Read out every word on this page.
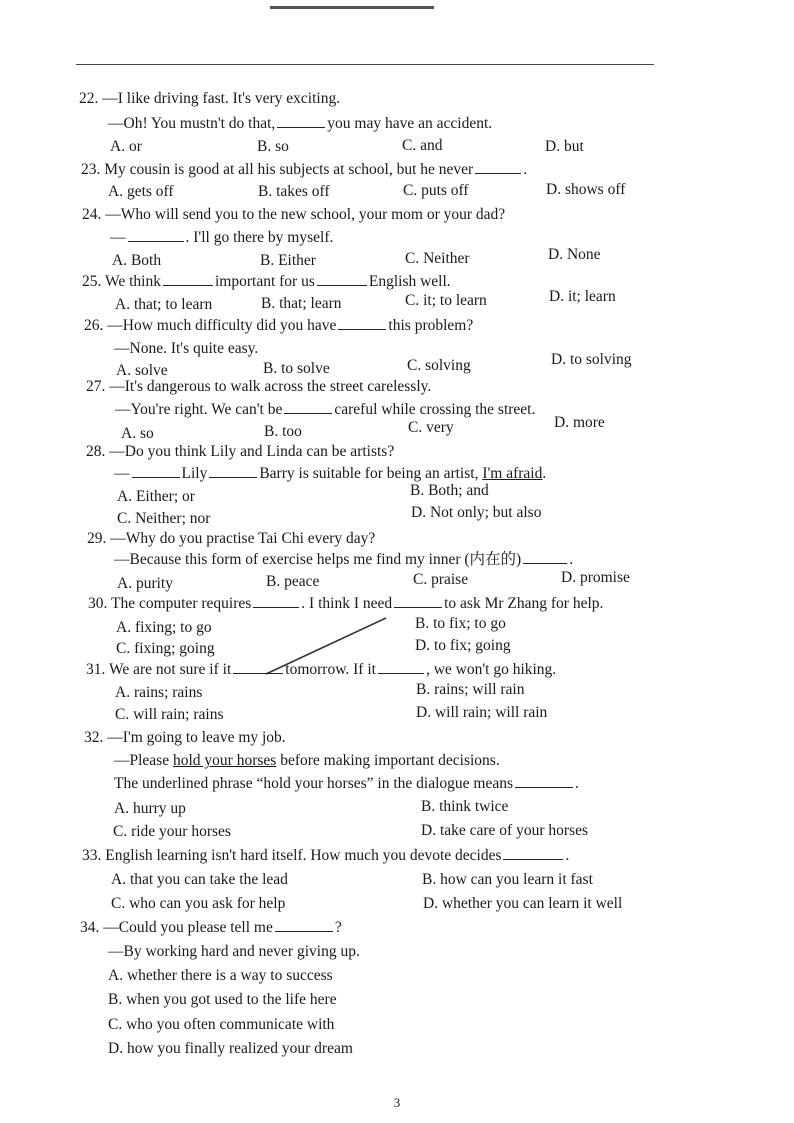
22. —I like driving fast. It's very exciting.
—Oh! You mustn't do that,	you may have an accident.
A. or	B. so	C. and	D. but
23. My cousin is good at all his subjects at school, but he never	.
A. gets off	B. takes off	C. puts off	D. shows off
24. —Who will send you to the new school, your mom or your dad?
—	. I'll go there by myself.
A. Both	B. Either	C. Neither	D. None
25. We think	important for us	English well.
A. that; to learn	B. that; learn	C. it; to learn	D. it; learn
26. —How much difficulty did you have	this problem?
—None. It's quite easy.
A. solve	B. to solve	C. solving	D. to solving
27. —It's dangerous to walk across the street carelessly.
—You're right. We can't be	careful while crossing the street.
A. so	B. too	C. very	D. more
28. —Do you think Lily and Linda can be artists?
—	Lily	Barry is suitable for being an artist, I'm afraid.
A. Either; or	B. Both; and
C. Neither; nor	D. Not only; but also
29. —Why do you practise Tai Chi every day?
—Because this form of exercise helps me find my inner (内在的)	.
A. purity	B. peace	C. praise	D. promise
30. The computer requires	. I think I need	to ask Mr Zhang for help.
A. fixing; to go	B. to fix; to go
C. fixing; going	D. to fix; going
31. We are not sure if it	tomorrow. If it	, we won't go hiking.
A. rains; rains	B. rains; will rain
C. will rain; rains	D. will rain; will rain
32. —I'm going to leave my job.
—Please hold your horses before making important decisions.
The underlined phrase “hold your horses” in the dialogue means	.
A. hurry up	B. think twice
C. ride your horses	D. take care of your horses
33. English learning isn't hard itself. How much you devote decides	.
A. that you can take the lead	B. how can you learn it fast
C. who can you ask for help	D. whether you can learn it well
34. —Could you please tell me	?
—By working hard and never giving up.
A. whether there is a way to success
B. when you got used to the life here
C. who you often communicate with
D. how you finally realized your dream
3
